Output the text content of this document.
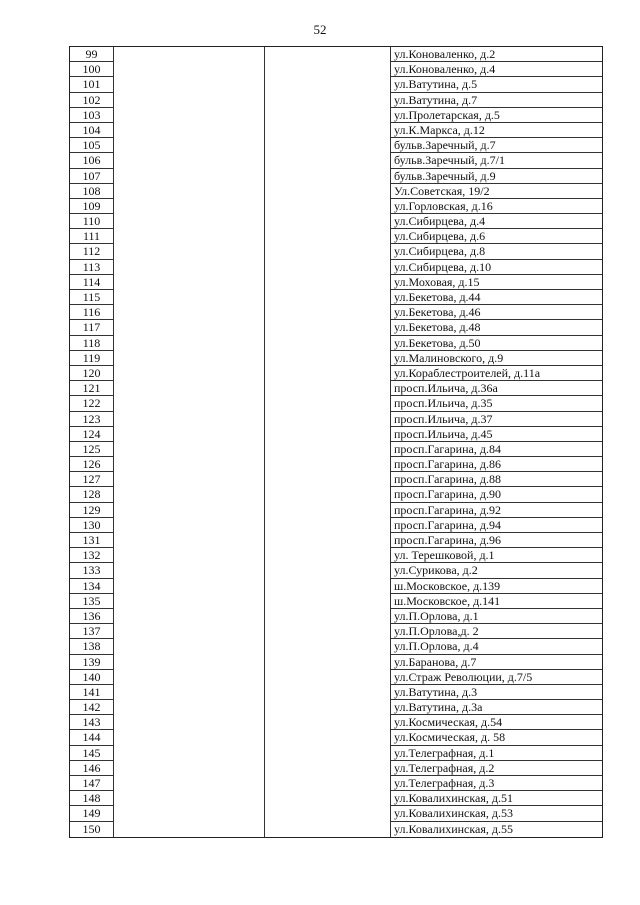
52
99	ул.Коноваленко, д.2
100	ул.Коноваленко, д.4
101	ул.Ватутина, д.5
102	ул.Ватутина, д.7
103	ул.Пролетарская, д.5
104	ул.К.Маркса, д.12
105	бульв.Заречный, д.7
106	бульв.Заречный, д.7/1
107	бульв.Заречный, д.9
108	Ул.Советская, 19/2
109	ул.Горловская, д.16
110	ул.Сибирцева, д.4
111	ул.Сибирцева, д.6
112	ул.Сибирцева, д.8
113	ул.Сибирцева, д.10
114	ул.Моховая, д.15
115	ул.Бекетова, д.44
116	ул.Бекетова, д.46
117	ул.Бекетова, д.48
118	ул.Бекетова, д.50
119	ул.Малиновского, д.9
120	ул.Кораблестроителей, д.11а
121	просп.Ильича, д.36а
122	просп.Ильича, д.35
123	просп.Ильича, д.37
124	просп.Ильича, д.45
125	просп.Гагарина, д.84
126	просп.Гагарина, д.86
127	просп.Гагарина, д.88
128	просп.Гагарина, д.90
129	просп.Гагарина, д.92
130	просп.Гагарина, д.94
131	просп.Гагарина, д.96
132	ул. Терешковой, д.1
133	ул.Сурикова, д.2
134	ш.Московское, д.139
135	ш.Московское, д.141
136	ул.П.Орлова, д.1
137	ул.П.Орлова,д. 2
138	ул.П.Орлова, д.4
139	ул.Баранова, д.7
140	ул.Страж Революции, д.7/5
141	ул.Ватутина, д.3
142	ул.Ватутина, д.3а
143	ул.Космическая, д.54
144	ул.Космическая, д. 58
145	ул.Телеграфная, д.1
146	ул.Телеграфная, д.2
147	ул.Телеграфная, д.3
148	ул.Ковалихинская, д.51
149	ул.Ковалихинская, д.53
150	ул.Ковалихинская, д.55
